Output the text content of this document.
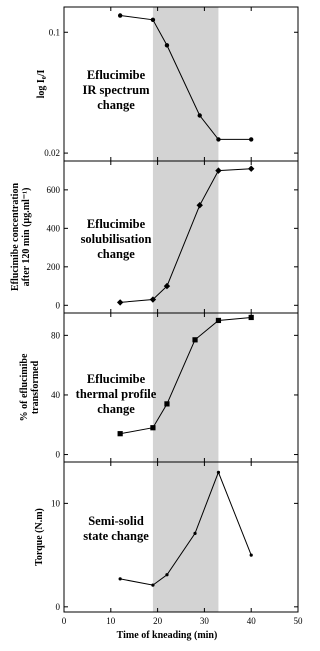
0.1
0.02
log I₀/I	Eflucimibe
IR spectrum
change
0
200
400
600
Eflucimibe concentration after 120 min (µg.ml⁻¹)	Eflucimibe
solubilisation
change
0
40
80
% of eflucimibe transformed	Eflucimibe
thermal profile
change
0
10
Torque (N.m)	Semi-solid
state change
0	10	20	30	40	50
Time of kneading (min)
